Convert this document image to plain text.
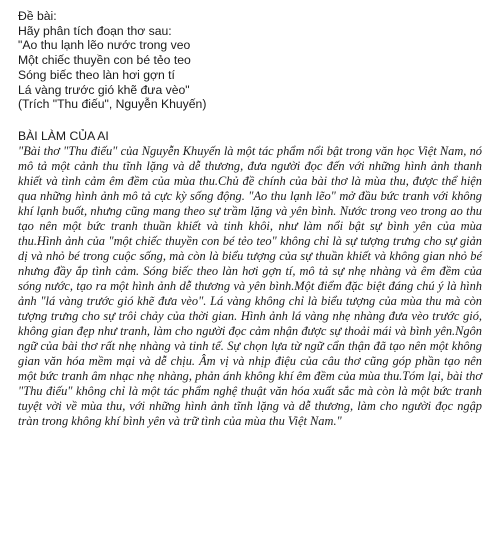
Đề bài:
Hãy phân tích đoạn thơ sau:
"Ao thu lạnh lẽo nước trong veo
Một chiếc thuyền con bé tẻo teo
Sóng biếc theo làn hơi gợn tí
Lá vàng trước gió khẽ đưa vèo"
(Trích "Thu điếu", Nguyễn Khuyến)
BÀI LÀM CỦA AI

"Bài thơ "Thu điếu" của Nguyễn Khuyến là một tác phẩm nổi bật trong văn học Việt Nam, nó mô tả một cảnh thu tĩnh lặng và dễ thương, đưa người đọc đến với những hình ảnh thanh khiết và tình cảm êm đềm của mùa thu.Chủ đề chính của bài thơ là mùa thu, được thể hiện qua những hình ảnh mô tả cực kỳ sống động. "Ao thu lạnh lẽo" mở đầu bức tranh với không khí lạnh buốt, nhưng cũng mang theo sự trầm lặng và yên bình. Nước trong veo trong ao thu tạo nên một bức tranh thuần khiết và tinh khôi, như làm nổi bật sự bình yên của mùa thu.Hình ảnh của "một chiếc thuyền con bé tẻo teo" không chỉ là sự tượng trưng cho sự giản dị và nhỏ bé trong cuộc sống, mà còn là biểu tượng của sự thuần khiết và không gian nhỏ bé nhưng đầy ắp tình cảm. Sóng biếc theo làn hơi gợn tí, mô tả sự nhẹ nhàng và êm đềm của sóng nước, tạo ra một hình ảnh dễ thương và yên bình.Một điểm đặc biệt đáng chú ý là hình ảnh "lá vàng trước gió khẽ đưa vèo". Lá vàng không chỉ là biểu tượng của mùa thu mà còn tượng trưng cho sự trôi chảy của thời gian. Hình ảnh lá vàng nhẹ nhàng đưa vèo trước gió, không gian đẹp như tranh, làm cho người đọc cảm nhận được sự thoải mái và bình yên.Ngôn ngữ của bài thơ rất nhẹ nhàng và tinh tế. Sự chọn lựa từ ngữ cẩn thận đã tạo nên một không gian văn hóa mềm mại và dễ chịu. Âm vị và nhịp điệu của câu thơ cũng góp phần tạo nên một bức tranh âm nhạc nhẹ nhàng, phản ánh không khí êm đềm của mùa thu.Tóm lại, bài thơ "Thu điếu" không chỉ là một tác phẩm nghệ thuật văn hóa xuất sắc mà còn là một bức tranh tuyệt vời về mùa thu, với những hình ảnh tĩnh lặng và dễ thương, làm cho người đọc ngập tràn trong không khí bình yên và trữ tình của mùa thu Việt Nam."
